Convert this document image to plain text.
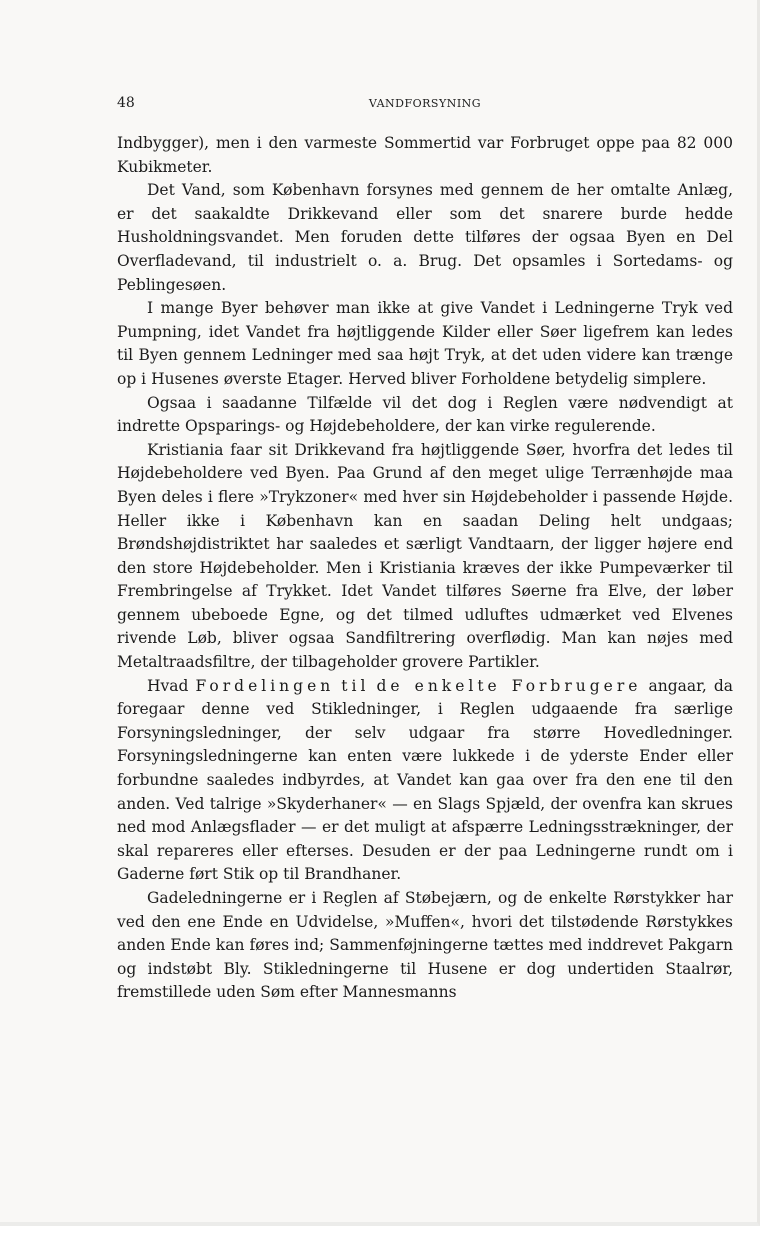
48	VANDFORSYNING

Indbygger), men i den varmeste Sommertid var Forbruget oppe paa 82 000 Kubikmeter.

Det Vand, som København forsynes med gennem de her omtalte Anlæg, er det saakaldte Drikkevand eller som det snarere burde hedde Husholdningsvandet. Men foruden dette tilføres der ogsaa Byen en Del Overfladevand, til industrielt o. a. Brug. Det opsamles i Sortedams- og Peblingesøen.

I mange Byer behøver man ikke at give Vandet i Ledningerne Tryk ved Pumpning, idet Vandet fra højtliggende Kilder eller Søer ligefrem kan ledes til Byen gennem Ledninger med saa højt Tryk, at det uden videre kan trænge op i Husenes øverste Etager. Herved bliver Forholdene betydelig simplere.

Ogsaa i saadanne Tilfælde vil det dog i Reglen være nødvendigt at indrette Opsparings- og Højdebeholdere, der kan virke regulerende.

Kristiania faar sit Drikkevand fra højtliggende Søer, hvorfra det ledes til Højdebeholdere ved Byen. Paa Grund af den meget ulige Terrænhøjde maa Byen deles i flere »Trykzoner« med hver sin Højdebeholder i passende Højde. Heller ikke i København kan en saadan Deling helt undgaas; Brøndshøjdistriktet har saaledes et særligt Vandtaarn, der ligger højere end den store Højdebeholder. Men i Kristiania kræves der ikke Pumpeværker til Frembringelse af Trykket. Idet Vandet tilføres Søerne fra Elve, der løber gennem ubeboede Egne, og det tilmed udluftes udmærket ved Elvenes rivende Løb, bliver ogsaa Sandfiltrering overflødig. Man kan nøjes med Metaltraadsfiltre, der tilbageholder grovere Partikler.

Hvad Fordelingen til de enkelte Forbrugere angaar, da foregaar denne ved Stikledninger, i Reglen udgaaende fra særlige Forsyningsledninger, der selv udgaar fra større Hovedledninger. Forsyningsledningerne kan enten være lukkede i de yderste Ender eller forbundne saaledes indbyrdes, at Vandet kan gaa over fra den ene til den anden. Ved talrige »Skyderhaner« — en Slags Spjæld, der ovenfra kan skrues ned mod Anlægsflader — er det muligt at afspærre Ledningsstrækninger, der skal repareres eller efterses. Desuden er der paa Ledningerne rundt om i Gaderne ført Stik op til Brandhaner.

Gadeledningerne er i Reglen af Støbejærn, og de enkelte Rørstykker har ved den ene Ende en Udvidelse, »Muffen«, hvori det tilstødende Rørstykkes anden Ende kan føres ind; Sammenføjningerne tættes med inddrevet Pakgarn og indstøbt Bly. Stikledningerne til Husene er dog undertiden Staalrør, fremstillede uden Søm efter Mannesmanns
